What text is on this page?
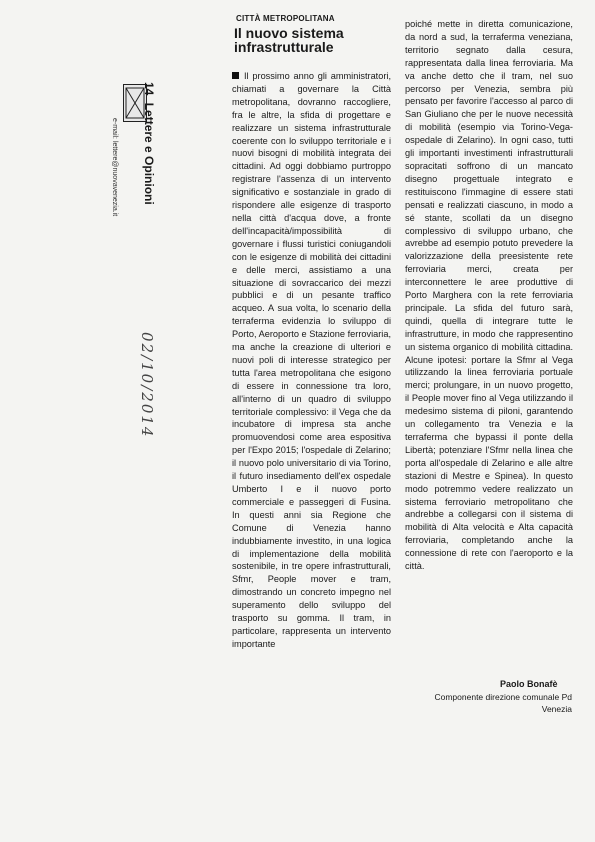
14 Lettere e Opinioni
e-mail: lettere@nuovavenezia.it
02/10/2014
CITTÀ METROPOLITANA
Il nuovo sistema infrastrutturale
Il prossimo anno gli amministratori, chiamati a governare la Città metropolitana, dovranno raccogliere, fra le altre, la sfida di progettare e realizzare un sistema infrastrutturale coerente con lo sviluppo territoriale e i nuovi bisogni di mobilità integrata dei cittadini. Ad oggi dobbiamo purtroppo registrare l'assenza di un intervento significativo e sostanziale in grado di rispondere alle esigenze di trasporto nella città d'acqua dove, a fronte dell'incapacità/impossibilità di governare i flussi turistici coniugandoli con le esigenze di mobilità dei cittadini e delle merci, assistiamo a una situazione di sovraccarico dei mezzi pubblici e di un pesante traffico acqueo. A sua volta, lo scenario della terraferma evidenzia lo sviluppo di Porto, Aeroporto e Stazione ferroviaria, ma anche la creazione di ulteriori e nuovi poli di interesse strategico per tutta l'area metropolitana che esigono di essere in connessione tra loro, all'interno di un quadro di sviluppo territoriale complessivo: il Vega che da incubatore di impresa sta anche promuovendosi come area espositiva per l'Expo 2015; l'ospedale di Zelarino; il nuovo polo universitario di via Torino, il futuro insediamento dell'ex ospedale Umberto I e il nuovo porto commerciale e passeggeri di Fusina. In questi anni sia Regione che Comune di Venezia hanno indubbiamente investito, in una logica di implementazione della mobilità sostenibile, in tre opere infrastrutturali, Sfmr, People mover e tram, dimostrando un concreto impegno nel superamento dello sviluppo del trasporto su gomma. Il tram, in particolare, rappresenta un intervento importante
poiché mette in diretta comunicazione, da nord a sud, la terraferma veneziana, territorio segnato dalla cesura, rappresentata dalla linea ferroviaria. Ma va anche detto che il tram, nel suo percorso per Venezia, sembra più pensato per favorire l'accesso al parco di San Giuliano che per le nuove necessità di mobilità (esempio via Torino-Vega-ospedale di Zelarino). In ogni caso, tutti gli importanti investimenti infrastrutturali sopracitati soffrono di un mancato disegno progettuale integrato e restituiscono l'immagine di essere stati pensati e realizzati ciascuno, in modo a sé stante, scollati da un disegno complessivo di sviluppo urbano, che avrebbe ad esempio potuto prevedere la valorizzazione della preesistente rete ferroviaria merci, creata per interconnettere le aree produttive di Porto Marghera con la rete ferroviaria principale. La sfida del futuro sarà, quindi, quella di integrare tutte le infrastrutture, in modo che rappresentino un sistema organico di mobilità cittadina. Alcune ipotesi: portare la Sfmr al Vega utilizzando la linea ferroviaria portuale merci; prolungare, in un nuovo progetto, il People mover fino al Vega utilizzando il medesimo sistema di piloni, garantendo un collegamento tra Venezia e la terraferma che bypassi il ponte della Libertà; potenziare l'Sfmr nella linea che porta all'ospedale di Zelarino e alle altre stazioni di Mestre e Spinea). In questo modo potremmo vedere realizzato un sistema ferroviario metropolitano che andrebbe a collegarsi con il sistema di mobilità di Alta velocità e Alta capacità ferroviaria, completando anche la connessione di rete con l'aeroporto e la città.
Paolo Bonafè
Componente direzione comunale Pd Venezia
